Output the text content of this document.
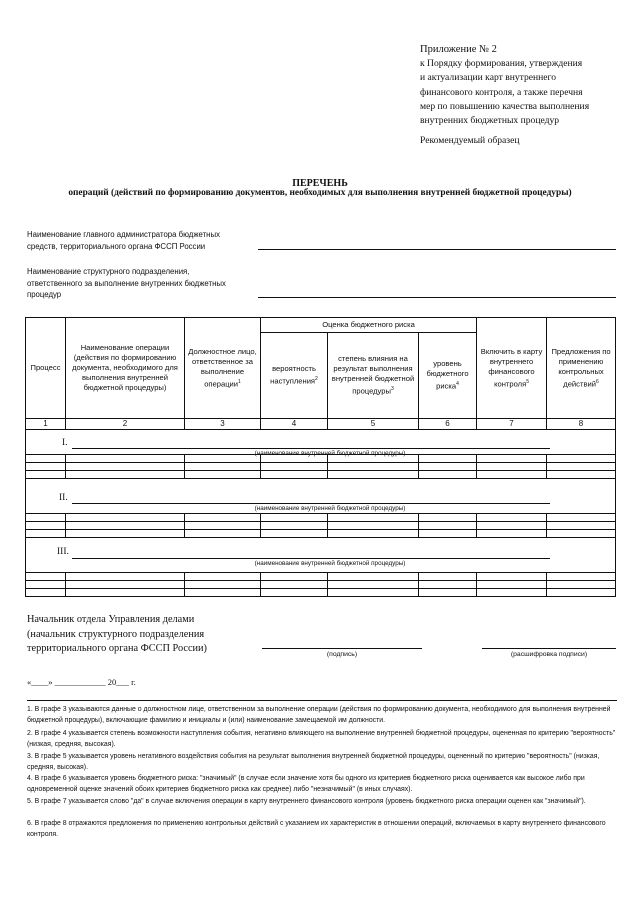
Приложение № 2
к Порядку формирования, утверждения
и актуализации карт внутреннего
финансового контроля, а также перечня
мер по повышению качества выполнения
внутренних бюджетных процедур
Рекомендуемый образец
ПЕРЕЧЕНЬ
операций (действий по формированию документов, необходимых для выполнения внутренней бюджетной процедуры)
Наименование главного администратора бюджетных
средств, территориального органа ФССП России
Наименование структурного подразделения,
ответственного за выполнение внутренних бюджетных
процедур
Процесс	Наименование операции (действия по формированию документа, необходимого для выполнения внутренней бюджетной процедуры)	Должностное лицо, ответственное за выполнение операции$^1$	Оценка бюджетного риска			Включить в карту внутреннего финансового контроля$^5$	Предложения по применению контрольных действий$^6$
			вероятность наступления$^2$	степень влияния на результат выполнения внутренней бюджетной процедуры$^3$	уровень бюджетного риска$^4$
1	2	3	4	5	6	7	8

I.
(наименование внутренней бюджетной процедуры)
II.
(наименование внутренней бюджетной процедуры)
III.
(наименование внутренней бюджетной процедуры)
Начальник отдела Управления делами
(начальник структурного подразделения
территориального органа ФССП России)
(подпись)	(расшифровка подписи)
«____» ____________ 20___ г.
1. В графе 3 указываются данные о должностном лице, ответственном за выполнение операции (действия по формированию документа, необходимого для выполнения внутренней бюджетной процедуры), включающие фамилию и инициалы и (или) наименование замещаемой им должности.
2. В графе 4 указывается степень возможности наступления события, негативно влияющего на выполнение внутренней бюджетной процедуры, оцененная по критерию "вероятность" (низкая, средняя, высокая).
3. В графе 5 указывается уровень негативного воздействия события на результат выполнения внутренней бюджетной процедуры, оцененный по критерию "вероятность" (низкая, средняя, высокая).
4. В графе 6 указывается уровень бюджетного риска: "значимый" (в случае если значение хотя бы одного из критериев бюджетного риска оценивается как высокое либо при одновременной оценке значений обоих критериев бюджетного риска как среднее) либо "незначимый" (в иных случаях).
5. В графе 7 указывается слово "да" в случае включения операции в карту внутреннего финансового контроля (уровень бюджетного риска операции оценен как "значимый").
6. В графе 8 отражаются предложения по применению контрольных действий с указанием их характеристик в отношении операций, включаемых в карту внутреннего финансового контроля.
